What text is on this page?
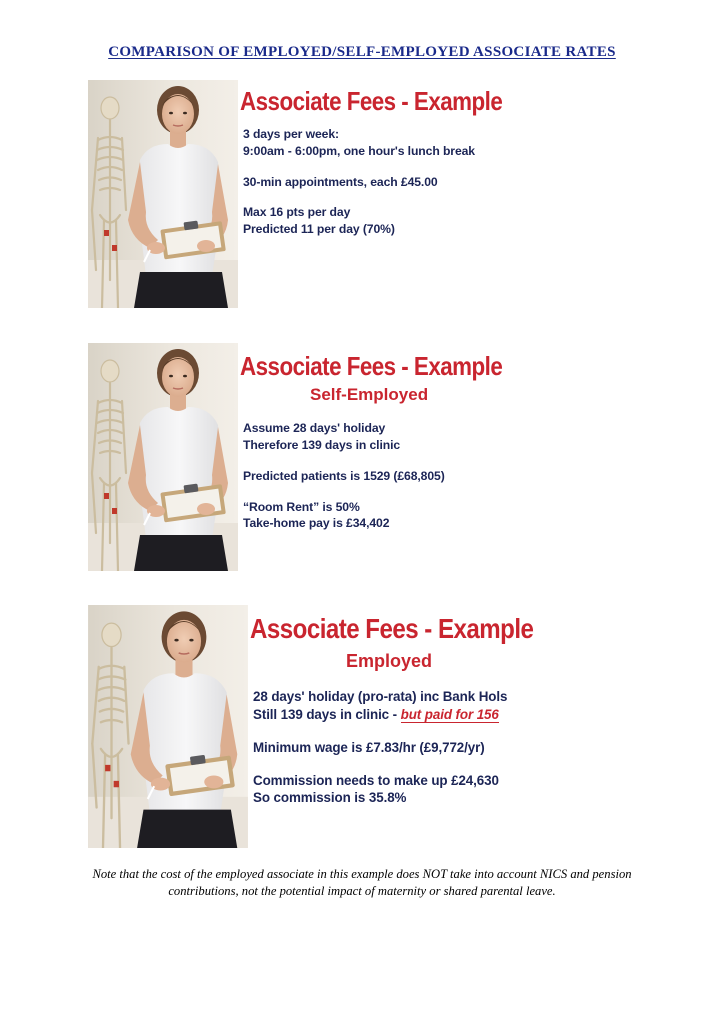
COMPARISON OF EMPLOYED/SELF-EMPLOYED ASSOCIATE RATES
Associate Fees - Example
3 days per week:
9:00am - 6:00pm, one hour's lunch break
30-min appointments, each £45.00
Max 16 pts per day
Predicted 11 per day (70%)
Associate Fees - Example
Self-Employed
Assume 28 days' holiday
Therefore 139 days in clinic
Predicted patients is 1529 (£68,805)
“Room Rent” is 50%
Take-home pay is £34,402
Associate Fees - Example
Employed
28 days' holiday (pro-rata) inc Bank Hols
Still 139 days in clinic - but paid for 156
Minimum wage is £7.83/hr (£9,772/yr)
Commission needs to make up £24,630
So commission is 35.8%
Note that the cost of the employed associate in this example does NOT take into account NICS and pension contributions, not the potential impact of maternity or shared parental leave.
